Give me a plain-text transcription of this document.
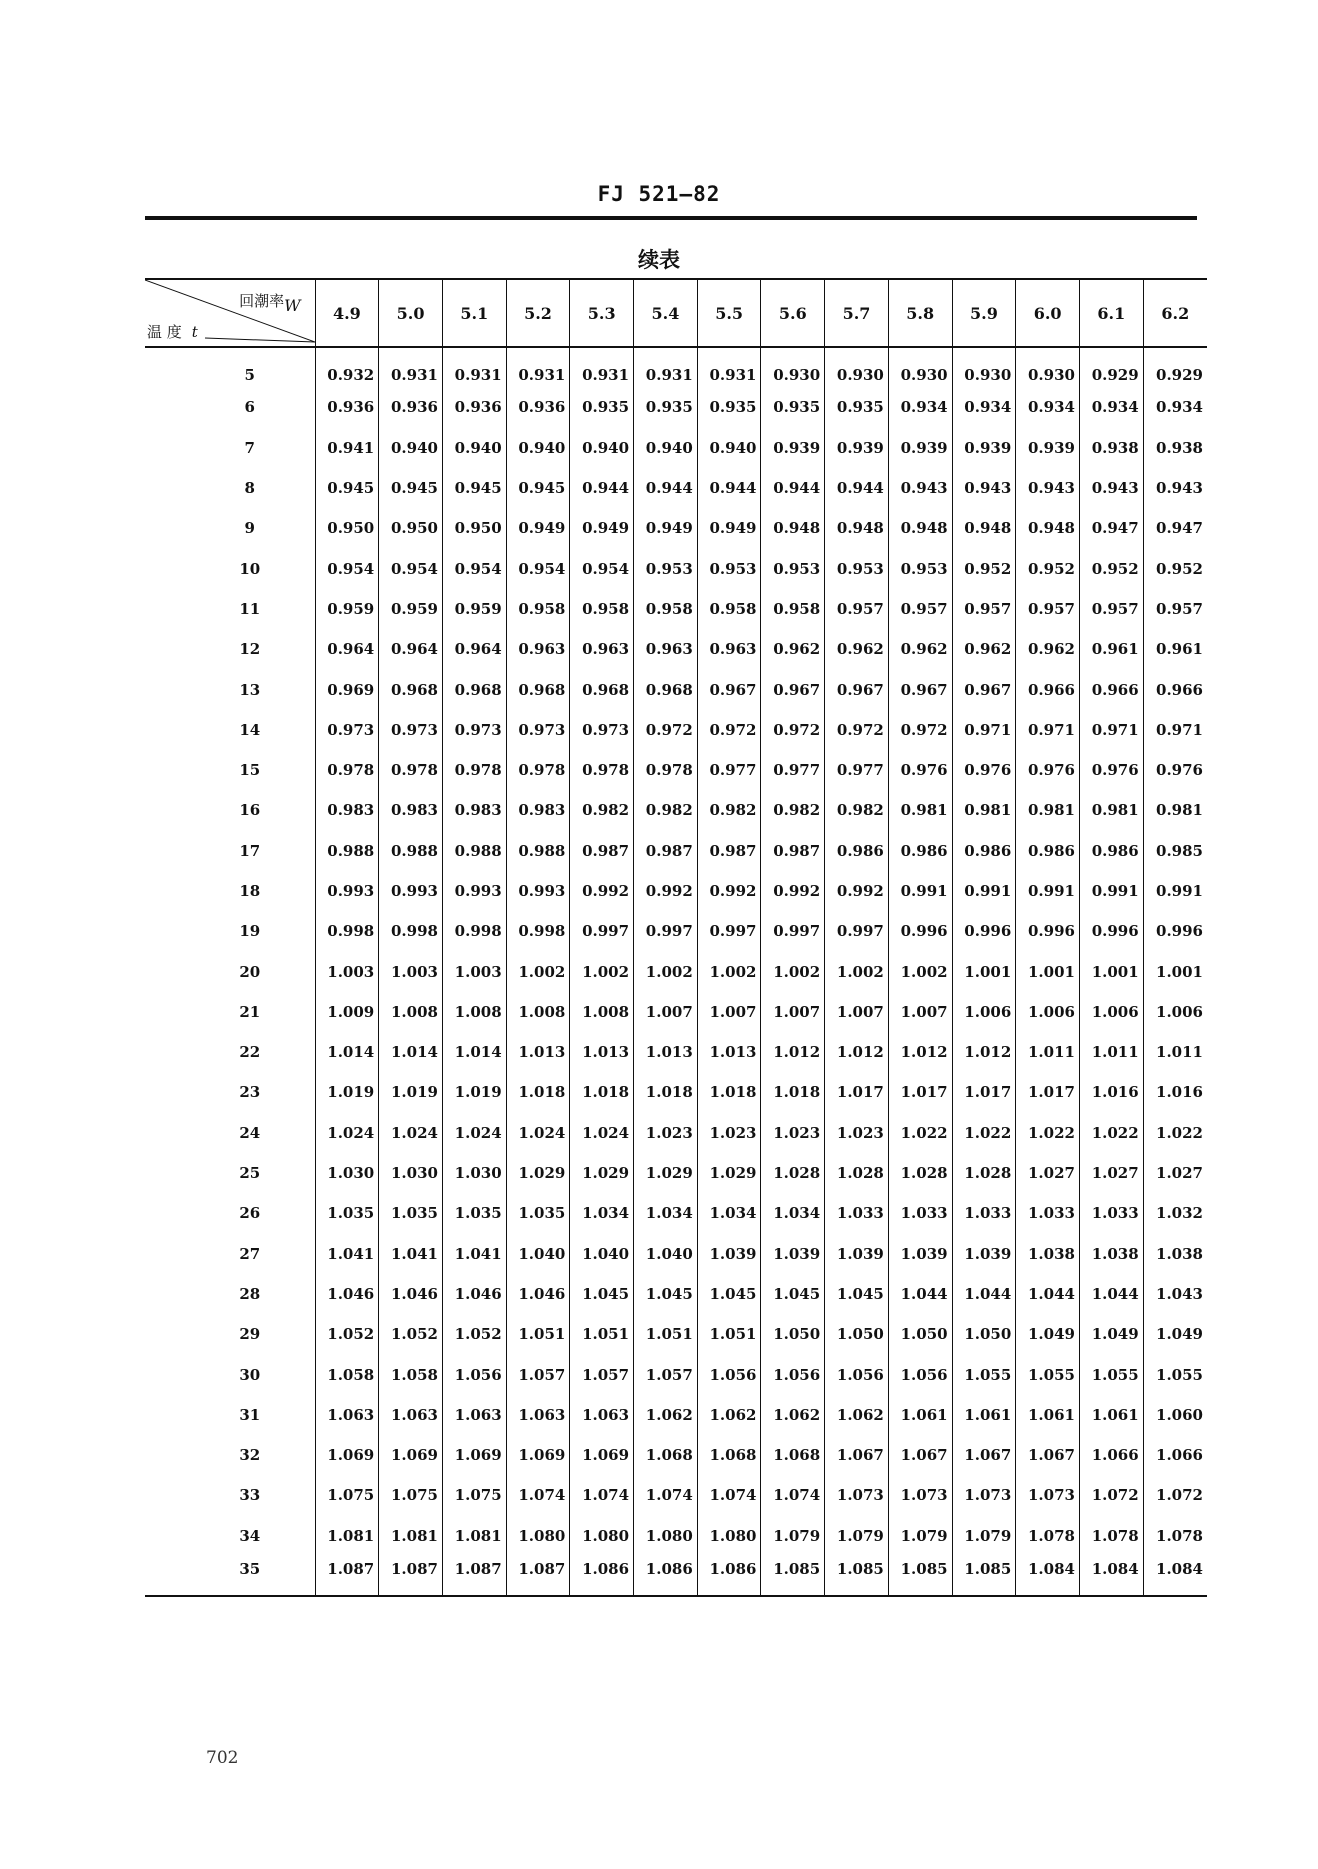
FJ 521—82
续表
回潮率W
温 度 t	4.9	5.0	5.1	5.2	5.3	5.4	5.5	5.6	5.7	5.8	5.9	6.0	6.1	6.2
5	0.932	0.931	0.931	0.931	0.931	0.931	0.931	0.930	0.930	0.930	0.930	0.930	0.929	0.929
6	0.936	0.936	0.936	0.936	0.935	0.935	0.935	0.935	0.935	0.934	0.934	0.934	0.934	0.934
7	0.941	0.940	0.940	0.940	0.940	0.940	0.940	0.939	0.939	0.939	0.939	0.939	0.938	0.938
8	0.945	0.945	0.945	0.945	0.944	0.944	0.944	0.944	0.944	0.943	0.943	0.943	0.943	0.943
9	0.950	0.950	0.950	0.949	0.949	0.949	0.949	0.948	0.948	0.948	0.948	0.948	0.947	0.947
10	0.954	0.954	0.954	0.954	0.954	0.953	0.953	0.953	0.953	0.953	0.952	0.952	0.952	0.952
11	0.959	0.959	0.959	0.958	0.958	0.958	0.958	0.958	0.957	0.957	0.957	0.957	0.957	0.957
12	0.964	0.964	0.964	0.963	0.963	0.963	0.963	0.962	0.962	0.962	0.962	0.962	0.961	0.961
13	0.969	0.968	0.968	0.968	0.968	0.968	0.967	0.967	0.967	0.967	0.967	0.966	0.966	0.966
14	0.973	0.973	0.973	0.973	0.973	0.972	0.972	0.972	0.972	0.972	0.971	0.971	0.971	0.971
15	0.978	0.978	0.978	0.978	0.978	0.978	0.977	0.977	0.977	0.976	0.976	0.976	0.976	0.976
16	0.983	0.983	0.983	0.983	0.982	0.982	0.982	0.982	0.982	0.981	0.981	0.981	0.981	0.981
17	0.988	0.988	0.988	0.988	0.987	0.987	0.987	0.987	0.986	0.986	0.986	0.986	0.986	0.985
18	0.993	0.993	0.993	0.993	0.992	0.992	0.992	0.992	0.992	0.991	0.991	0.991	0.991	0.991
19	0.998	0.998	0.998	0.998	0.997	0.997	0.997	0.997	0.997	0.996	0.996	0.996	0.996	0.996
20	1.003	1.003	1.003	1.002	1.002	1.002	1.002	1.002	1.002	1.002	1.001	1.001	1.001	1.001
21	1.009	1.008	1.008	1.008	1.008	1.007	1.007	1.007	1.007	1.007	1.006	1.006	1.006	1.006
22	1.014	1.014	1.014	1.013	1.013	1.013	1.013	1.012	1.012	1.012	1.012	1.011	1.011	1.011
23	1.019	1.019	1.019	1.018	1.018	1.018	1.018	1.018	1.017	1.017	1.017	1.017	1.016	1.016
24	1.024	1.024	1.024	1.024	1.024	1.023	1.023	1.023	1.023	1.022	1.022	1.022	1.022	1.022
25	1.030	1.030	1.030	1.029	1.029	1.029	1.029	1.028	1.028	1.028	1.028	1.027	1.027	1.027
26	1.035	1.035	1.035	1.035	1.034	1.034	1.034	1.034	1.033	1.033	1.033	1.033	1.033	1.032
27	1.041	1.041	1.041	1.040	1.040	1.040	1.039	1.039	1.039	1.039	1.039	1.038	1.038	1.038
28	1.046	1.046	1.046	1.046	1.045	1.045	1.045	1.045	1.045	1.044	1.044	1.044	1.044	1.043
29	1.052	1.052	1.052	1.051	1.051	1.051	1.051	1.050	1.050	1.050	1.050	1.049	1.049	1.049
30	1.058	1.058	1.056	1.057	1.057	1.057	1.056	1.056	1.056	1.056	1.055	1.055	1.055	1.055
31	1.063	1.063	1.063	1.063	1.063	1.062	1.062	1.062	1.062	1.061	1.061	1.061	1.061	1.060
32	1.069	1.069	1.069	1.069	1.069	1.068	1.068	1.068	1.067	1.067	1.067	1.067	1.066	1.066
33	1.075	1.075	1.075	1.074	1.074	1.074	1.074	1.074	1.073	1.073	1.073	1.073	1.072	1.072
34	1.081	1.081	1.081	1.080	1.080	1.080	1.080	1.079	1.079	1.079	1.079	1.078	1.078	1.078
35	1.087	1.087	1.087	1.087	1.086	1.086	1.086	1.085	1.085	1.085	1.085	1.084	1.084	1.084

702
